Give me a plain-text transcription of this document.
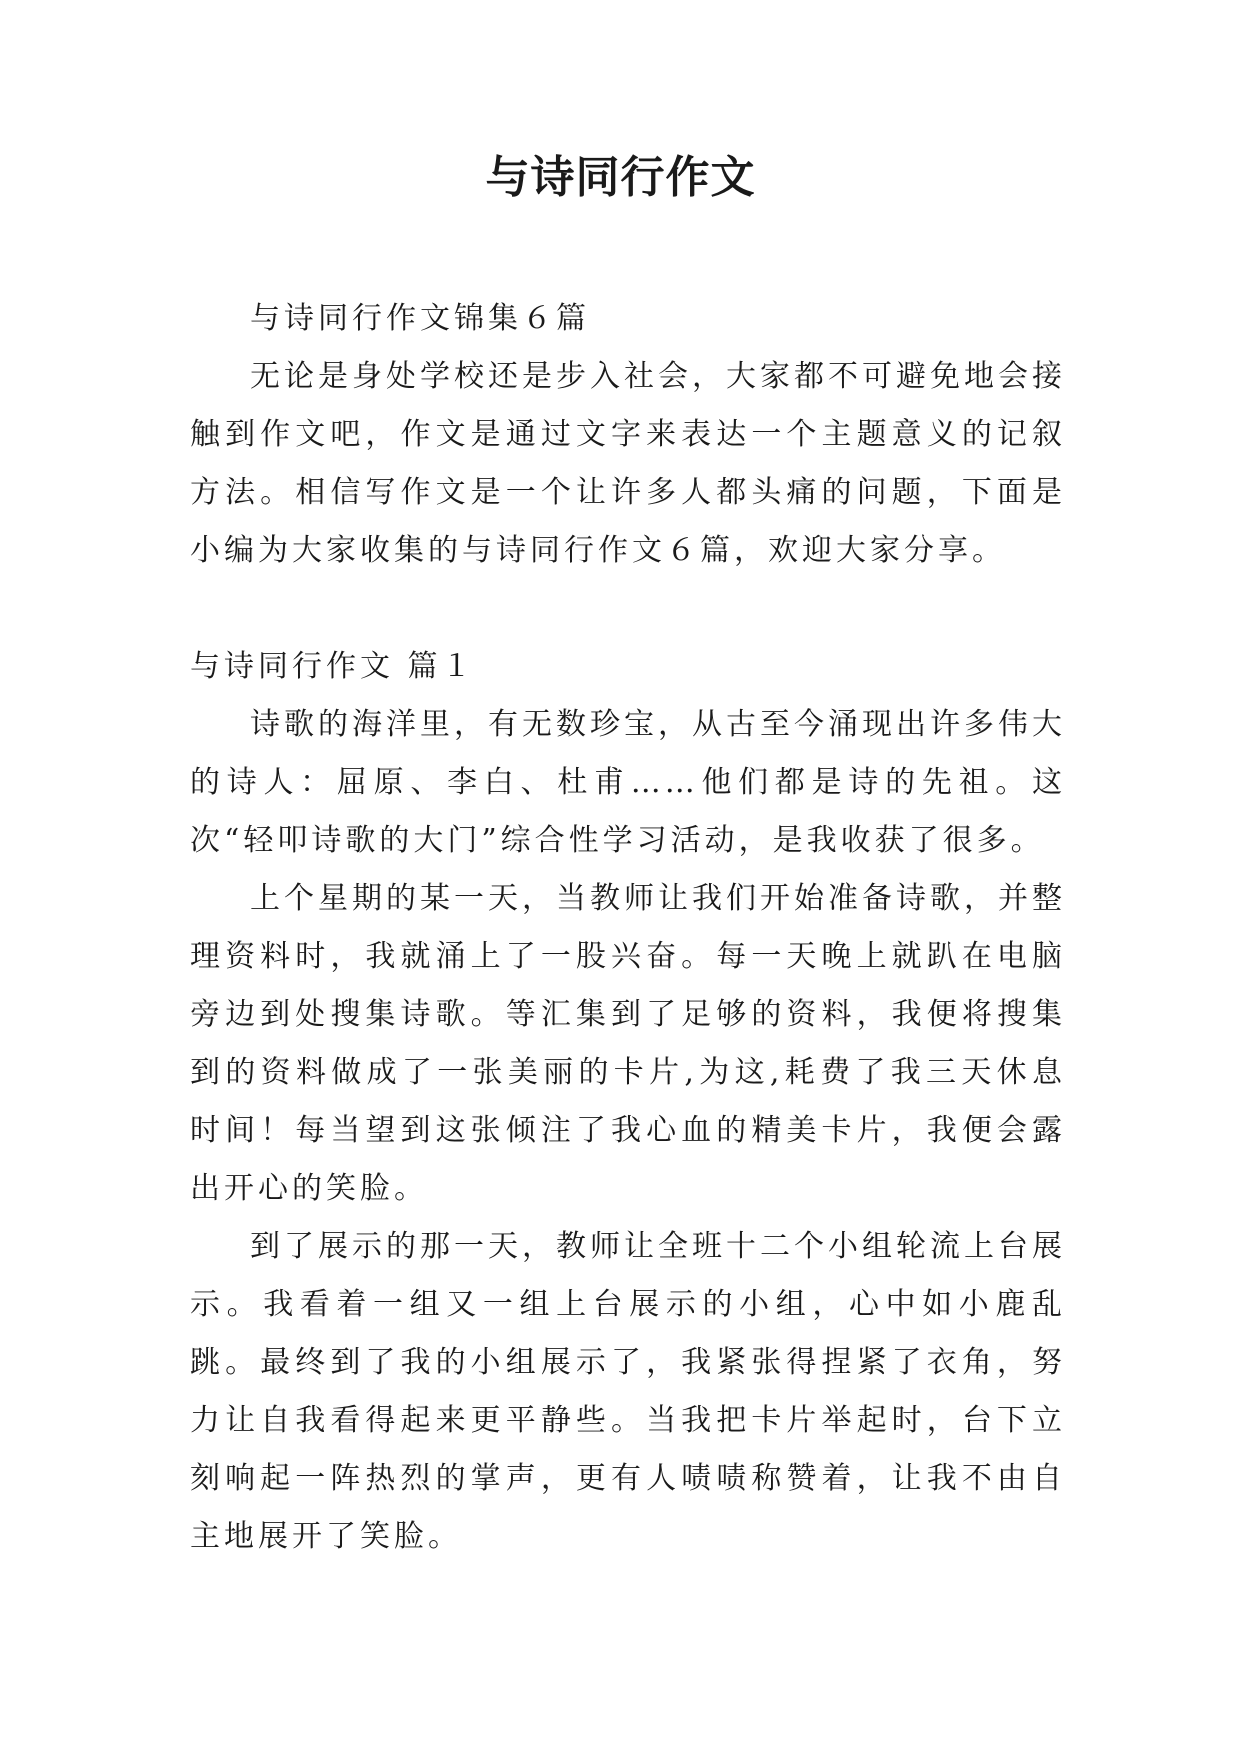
与诗同行作文

与诗同行作文锦集６篇

无论是身处学校还是步入社会，大家都不可避免地会接触到作文吧，作文是通过文字来表达一个主题意义的记叙方法。相信写作文是一个让许多人都头痛的问题，下面是小编为大家收集的与诗同行作文６篇，欢迎大家分享。

与诗同行作文 篇１

诗歌的海洋里，有无数珍宝，从古至今涌现出许多伟大的诗人：屈原、李白、杜甫……他们都是诗的先祖。这次“轻叩诗歌的大门”综合性学习活动，是我收获了很多。

上个星期的某一天，当教师让我们开始准备诗歌，并整理资料时，我就涌上了一股兴奋。每一天晚上就趴在电脑旁边到处搜集诗歌。等汇集到了足够的资料，我便将搜集到的资料做成了一张美丽的卡片,为这,耗费了我三天休息时间！每当望到这张倾注了我心血的精美卡片，我便会露出开心的笑脸。

到了展示的那一天，教师让全班十二个小组轮流上台展示。我看着一组又一组上台展示的小组，心中如小鹿乱跳。最终到了我的小组展示了，我紧张得捏紧了衣角，努力让自我看得起来更平静些。当我把卡片举起时，台下立刻响起一阵热烈的掌声，更有人啧啧称赞着，让我不由自主地展开了笑脸。
